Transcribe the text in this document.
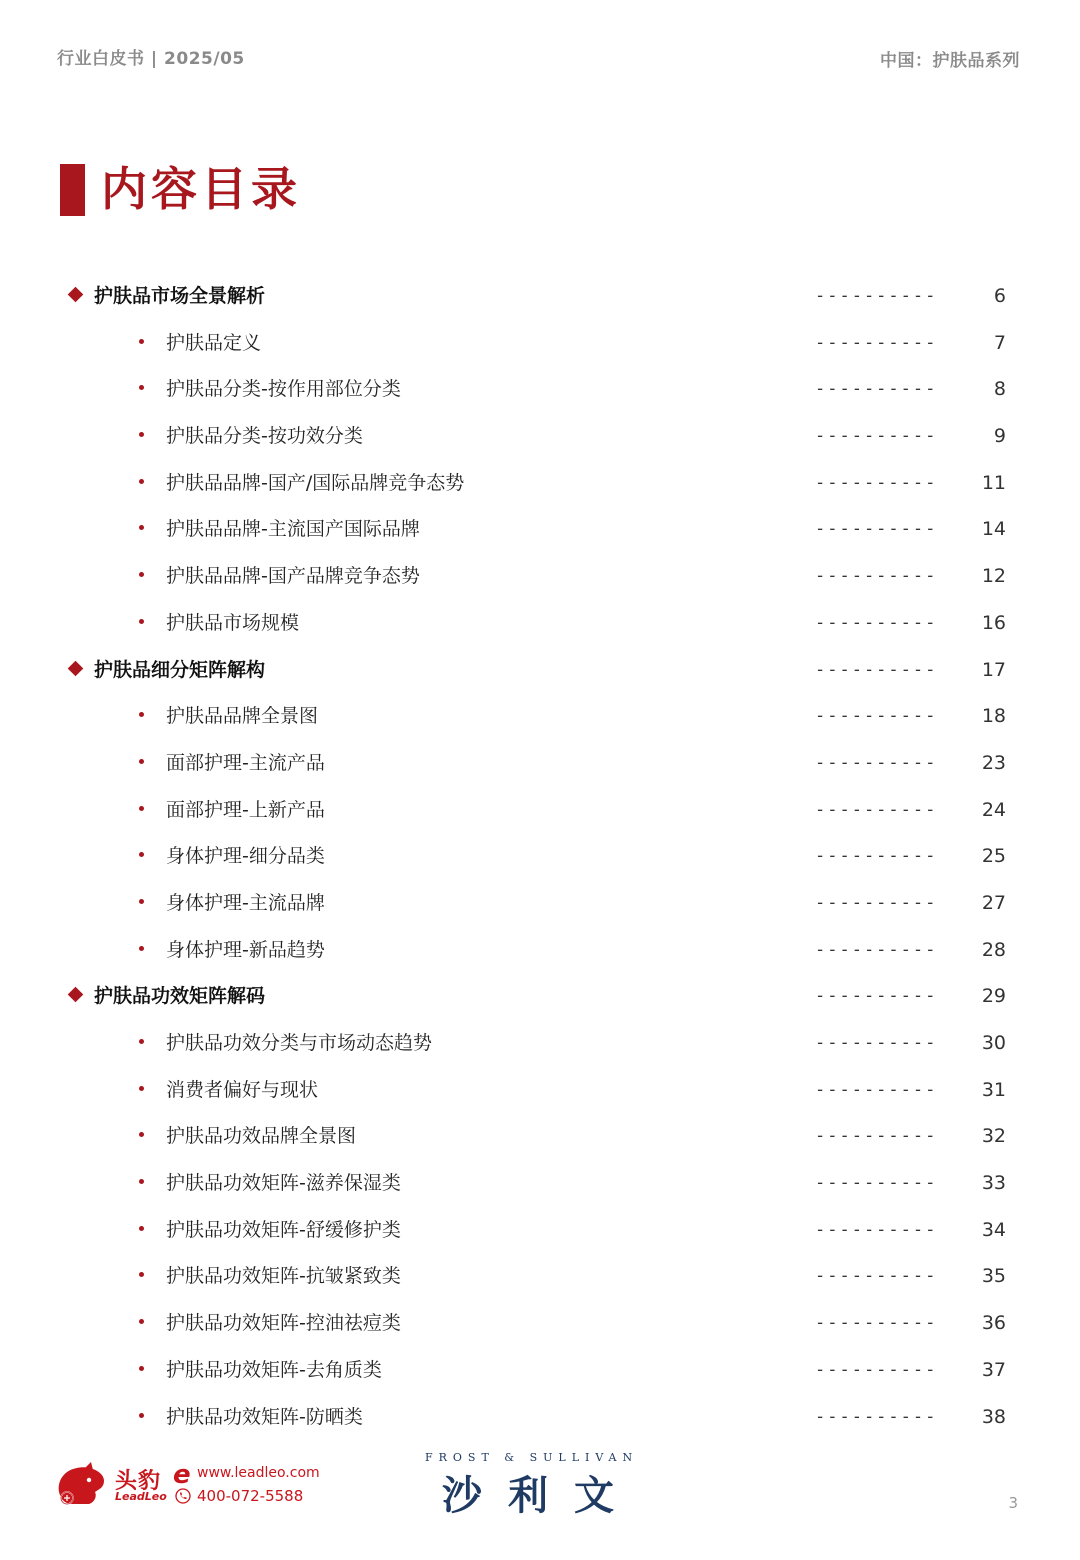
行业白皮书 | 2025/05	中国：护肤品系列
内容目录
护肤品市场全景解析	----------	6
护肤品定义	----------	7
护肤品分类-按作用部位分类	----------	8
护肤品分类-按功效分类	----------	9
护肤品品牌-国产/国际品牌竞争态势	---------- 11
护肤品品牌-主流国产国际品牌	---------- 14
护肤品品牌-国产品牌竞争态势	---------- 12
护肤品市场规模	---------- 16
护肤品细分矩阵解构	---------- 17
护肤品品牌全景图	---------- 18
面部护理-主流产品	---------- 23
面部护理-上新产品	---------- 24
身体护理-细分品类	---------- 25
身体护理-主流品牌	---------- 27
身体护理-新品趋势	---------- 28
护肤品功效矩阵解码	---------- 29
护肤品功效分类与市场动态趋势	---------- 30
消费者偏好与现状	---------- 31
护肤品功效品牌全景图	---------- 32
护肤品功效矩阵-滋养保湿类	---------- 33
护肤品功效矩阵-舒缓修护类	---------- 34
护肤品功效矩阵-抗皱紧致类	---------- 35
护肤品功效矩阵-控油祛痘类	---------- 36
护肤品功效矩阵-去角质类	---------- 37
护肤品功效矩阵-防晒类	---------- 38
头豹
LeadLeo
e www.leadleo.com
400-072-5588
FROST & SULLIVAN
沙利文	3
